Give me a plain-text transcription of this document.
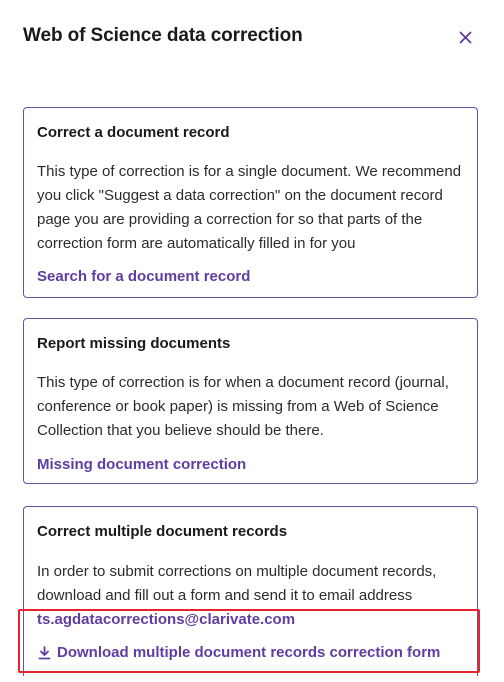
Web of Science data correction
Correct a document record
This type of correction is for a single document. We recommend you click "Suggest a data correction" on the document record page you are providing a correction for so that parts of the correction form are automatically filled in for you
Search for a document record
Report missing documents
This type of correction is for when a document record (journal, conference or book paper) is missing from a Web of Science Collection that you believe should be there.
Missing document correction
Correct multiple document records
In order to submit corrections on multiple document records, download and fill out a form and send it to email address
ts.agdatacorrections@clarivate.com
Download multiple document records correction form
